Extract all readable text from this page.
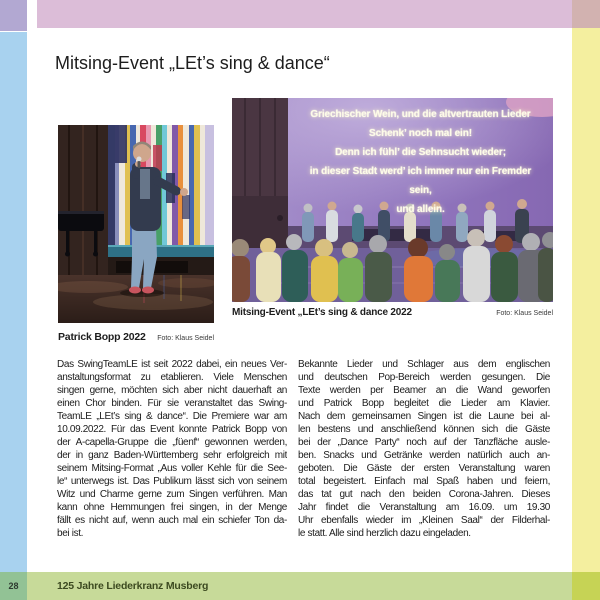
Mitsing-Event „LEt’s sing & dance“
Patrick Bopp 2022 Foto: Klaus Seidel
Griechischer Wein, und die altvertrauten Lieder
Schenk’ noch mal ein!
Denn ich fühl’ die Sehnsucht wieder;
in dieser Stadt werd’ ich immer nur ein Fremder
sein,
und allein.
Mitsing-Event „LEt’s sing & dance 2022	Foto: Klaus Seidel
Das SwingTeamLE ist seit 2022 dabei, ein neues Ver-
anstaltungsformat zu etablieren. Viele Menschen
singen gerne, möchten sich aber nicht dauerhaft an
einen Chor binden. Für sie veranstaltet das Swing-
TeamLE „LEt’s sing & dance“. Die Premiere war am
10.09.2022. Für das Event konnte Patrick Bopp von
der A-capella-Gruppe die „füenf“ gewonnen werden,
der in ganz Baden-Württemberg sehr erfolgreich mit
seinem Mitsing-Format „Aus voller Kehle für die See-
le“ unterwegs ist. Das Publikum lässt sich von seinem
Witz und Charme gerne zum Singen verführen. Man
kann ohne Hemmungen frei singen, in der Menge
fällt es nicht auf, wenn auch mal ein schiefer Ton da-
bei ist.
Bekannte Lieder und Schlager aus dem englischen
und deutschen Pop-Bereich werden gesungen. Die
Texte werden per Beamer an die Wand geworfen
und Patrick Bopp begleitet die Lieder am Klavier.
Nach dem gemeinsamen Singen ist die Laune bei al-
len bestens und anschließend können sich die Gäste
bei der „Dance Party“ noch auf der Tanzfläche ausle-
ben. Snacks und Getränke werden natürlich auch an-
geboten. Die Gäste der ersten Veranstaltung waren
total begeistert. Einfach mal Spaß haben und feiern,
das tat gut nach den beiden Corona-Jahren. Dieses
Jahr findet die Veranstaltung am 16.09. um 19.30
Uhr ebenfalls wieder im „Kleinen Saal“ der Filderhal-
le statt. Alle sind herzlich dazu eingeladen.
28	125 Jahre Liederkranz Musberg
